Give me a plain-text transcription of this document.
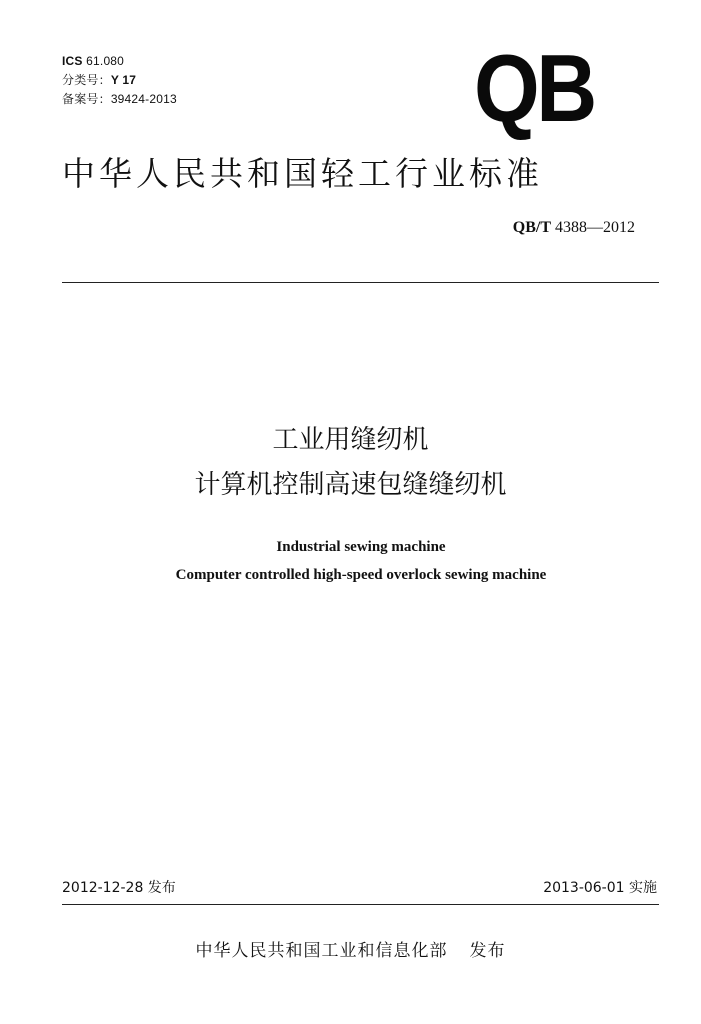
ICS 61.080
分类号：Y 17
备案号：39424-2013	QB
中华人民共和国轻工行业标准
QB/T 4388—2012
工业用缝纫机
计算机控制高速包缝缝纫机
Industrial sewing machine
Computer controlled high-speed overlock sewing machine
2012-12-28 发布	2013-06-01 实施
中华人民共和国工业和信息化部 发布
